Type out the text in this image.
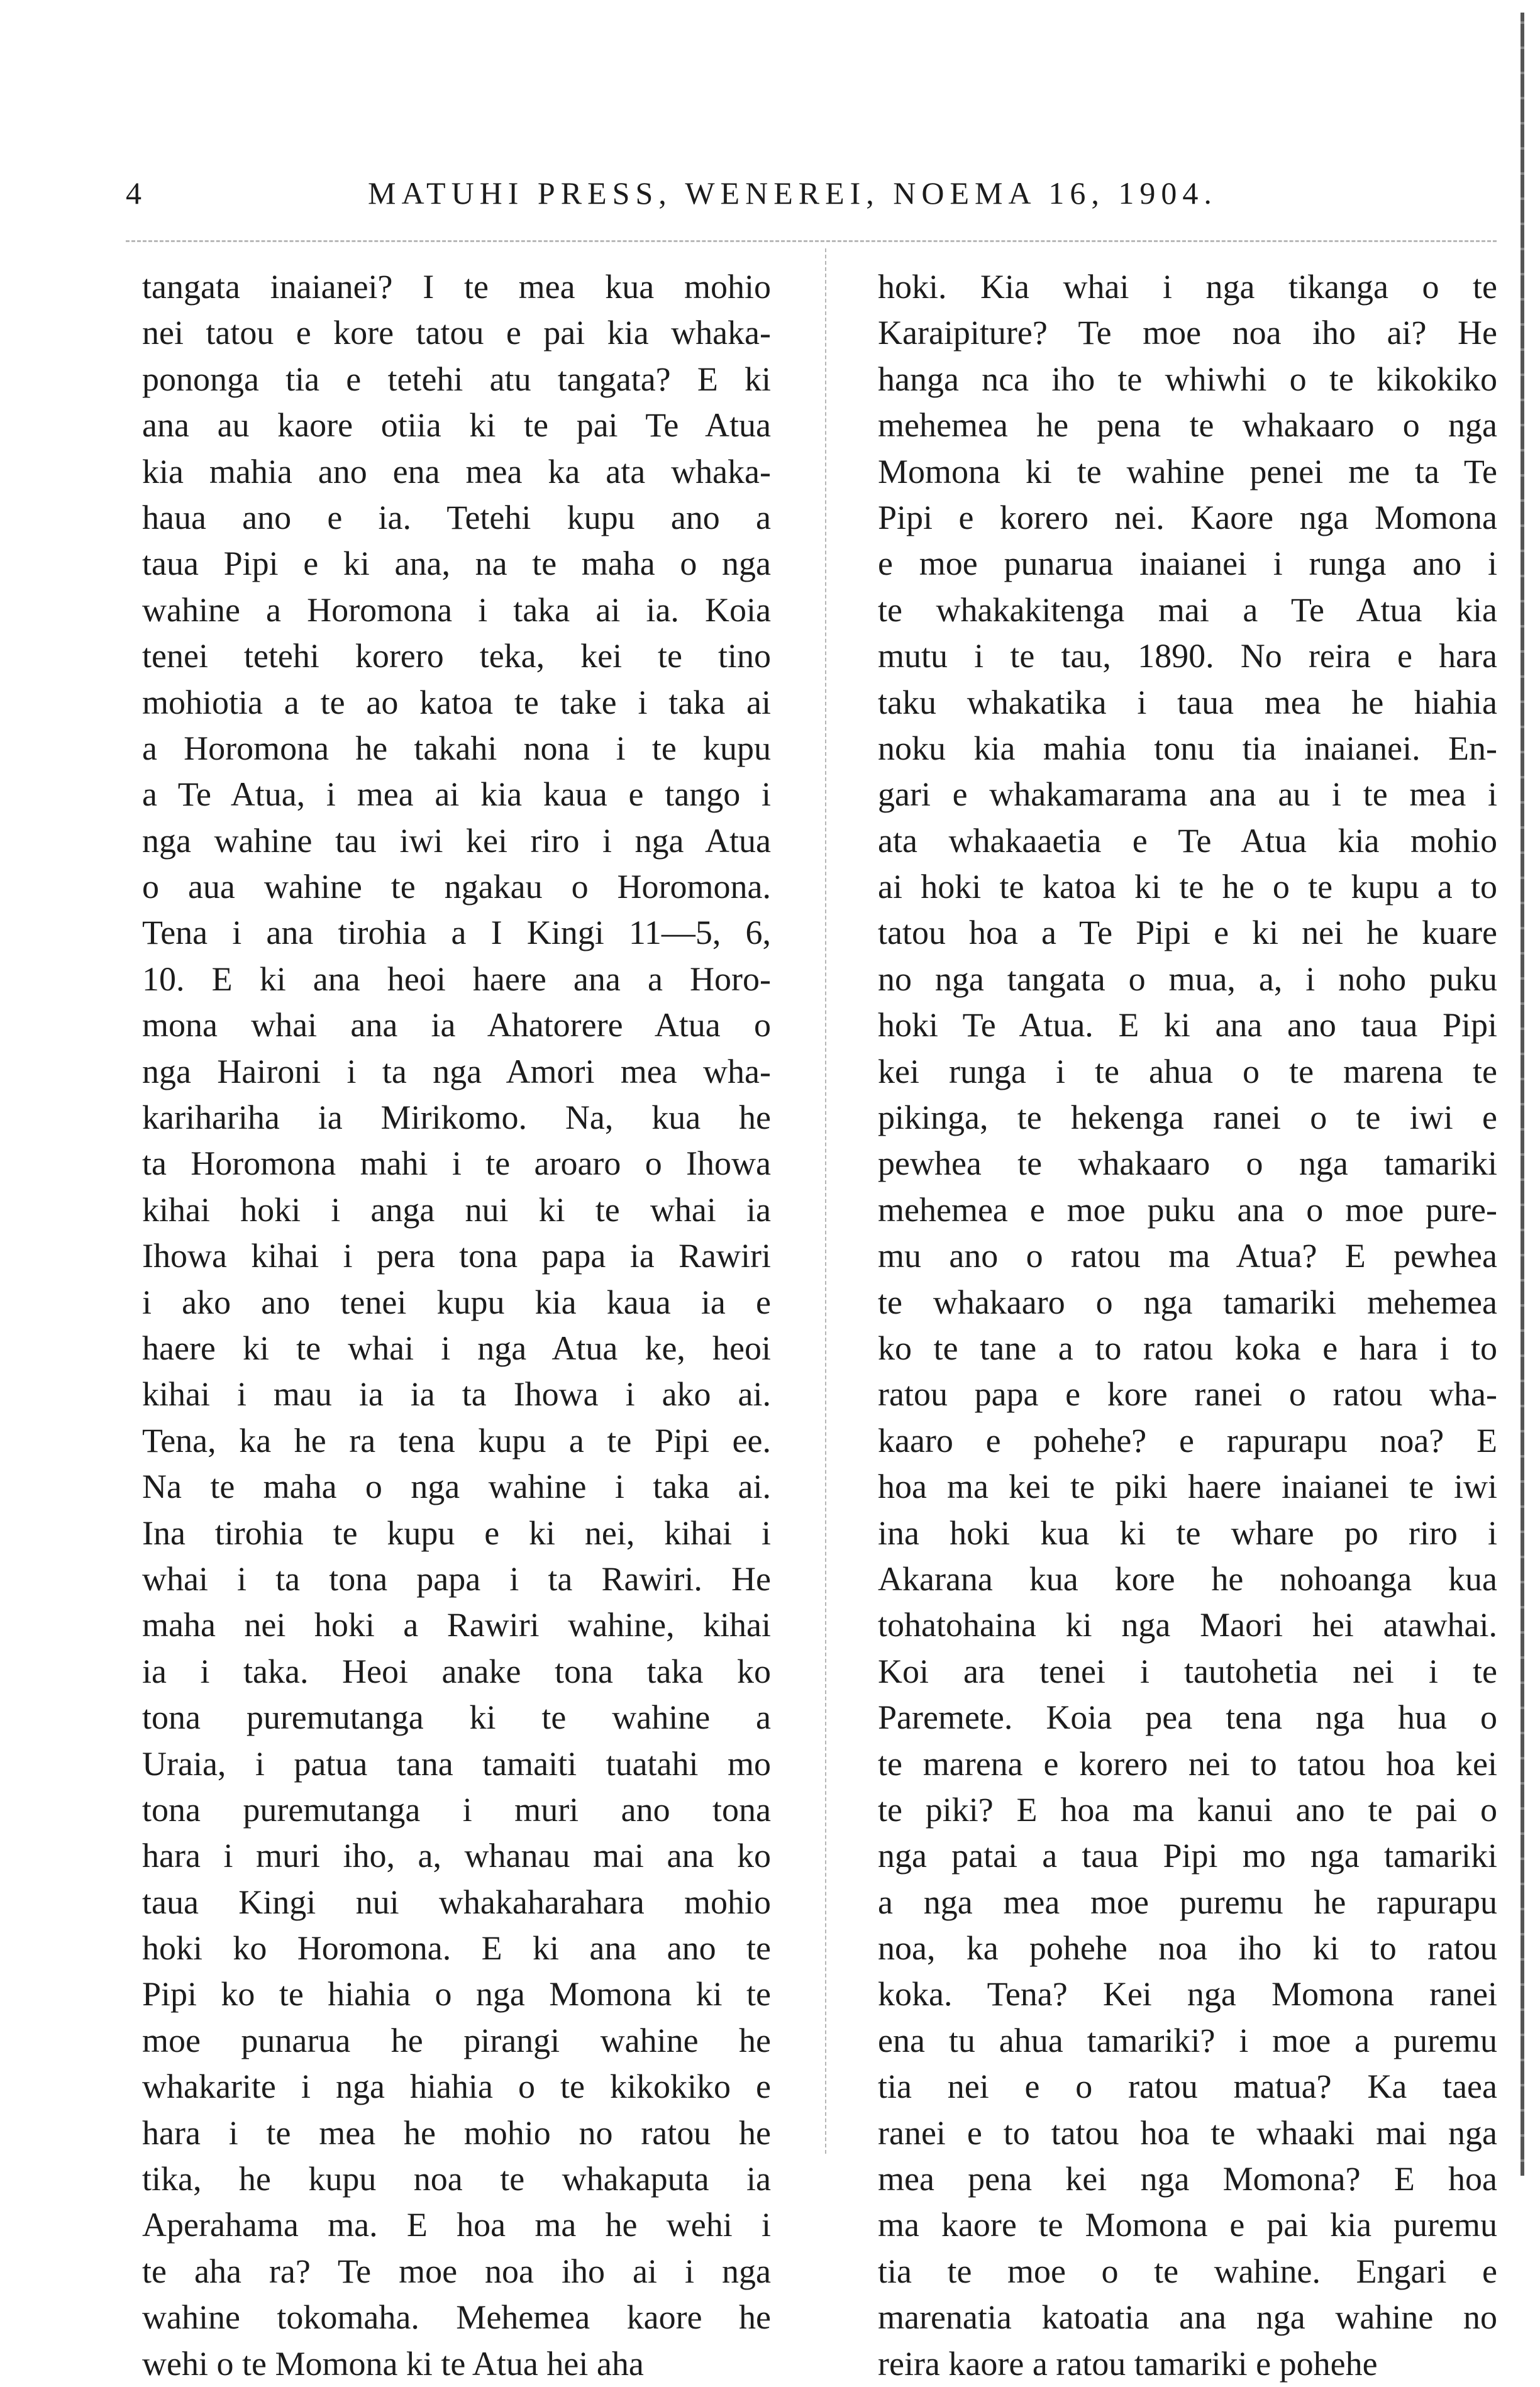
4	MATUHI PRESS, WENEREI, NOEMA 16, 1904.
tangata inaianei? I te mea kua mohio
nei tatou e kore tatou e pai kia whaka-
pononga tia e tetehi atu tangata? E ki
ana au kaore otiia ki te pai Te Atua
kia mahia ano ena mea ka ata whaka-
haua ano e ia. Tetehi kupu ano a
taua Pipi e ki ana, na te maha o nga
wahine a Horomona i taka ai ia. Koia
tenei tetehi korero teka, kei te tino
mohiotia a te ao katoa te take i taka ai
a Horomona he takahi nona i te kupu
a Te Atua, i mea ai kia kaua e tango i
nga wahine tau iwi kei riro i nga Atua
o aua wahine te ngakau o Horomona.
Tena i ana tirohia a I Kingi 11—5, 6,
10. E ki ana heoi haere ana a Horo-
mona whai ana ia Ahatorere Atua o
nga Haironi i ta nga Amori mea wha-
kariharihа ia Mirikomo. Na, kua he
ta Horomona mahi i te aroaro o Ihowa
kihai hoki i anga nui ki te whai ia
Ihowa kihai i pera tona papa ia Rawiri
i ako ano tenei kupu kia kaua ia e
haere ki te whai i nga Atua ke, heoi
kihai i mau ia ia ta Ihowa i ako ai.
Tena, ka he ra tena kupu a te Pipi ee.
Na te maha o nga wahine i taka ai.
Ina tirohia te kupu e ki nei, kihai i
whai i ta tona papa i ta Rawiri. He
maha nei hoki a Rawiri wahine, kihai
ia i taka. Heoi anake tona taka ko
tona puremutanga ki te wahine a
Uraia, i patua tana tamaiti tuatahi mo
tona puremutanga i muri ano tona
hara i muri iho, a, whanau mai ana ko
taua Kingi nui whakaharahara mohio
hoki ko Horomona. E ki ana ano te
Pipi ko te hiahia o nga Momona ki te
moe punarua he pirangi wahine he
whakarite i nga hiahia o te kikokiko e
hara i te mea he mohio no ratou he
tika, he kupu noa te whakaputa ia
Aperahama ma. E hoa ma he wehi i
te aha ra? Te moe noa iho ai i nga
wahine tokomaha. Mehemea kaore he
wehi o te Momona ki te Atua hei aha
hoki. Kia whai i nga tikanga o te
Karaipiture? Te moe noa iho ai? He
hanga nca iho te whiwhi o te kikokiko
mehemea he pena te whakaaro o nga
Momona ki te wahine penei me ta Te
Pipi e korero nei. Kaore nga Momona
e moe punarua inaianei i runga ano i
te whakakitenga mai a Te Atua kia
mutu i te tau, 1890. No reira e hara
taku whakatika i taua mea he hiahia
noku kia mahia tonu tia inaianei. En-
gari e whakamarama ana au i te mea i
ata whakaaetia e Te Atua kia mohio
ai hoki te katoa ki te he o te kupu a to
tatou hoa a Te Pipi e ki nei he kuare
no nga tangata o mua, a, i noho puku
hoki Te Atua. E ki ana ano taua Pipi
kei runga i te ahua o te marena te
pikinga, te hekenga ranei o te iwi e
pewhea te whakaaro o nga tamariki
mehemea e moe puku ana o moe pure-
mu ano o ratou ma Atua? E pewhea
te whakaaro o nga tamariki mehemea
ko te tane a to ratou koka e hara i to
ratou papa e kore ranei o ratou wha-
kaaro e pohehe? e rapurapu noa? E
hoa ma kei te piki haere inaianei te iwi
ina hoki kua ki te whare po riro i
Akarana kua kore he nohoanga kua
tohatohaina ki nga Maori hei atawhai.
Koi ara tenei i tautohetia nei i te
Paremete. Koia pea tena nga hua o
te marena e korero nei to tatou hoa kei
te piki? E hoa ma kanui ano te pai o
nga patai a taua Pipi mo nga tamariki
a nga mea moe puremu he rapurapu
noa, ka pohehe noa iho ki to ratou
koka. Tena? Kei nga Momona ranei
ena tu ahua tamariki? i moe a puremu
tia nei e o ratou matua? Ka taea
ranei e to tatou hoa te whaaki mai nga
mea pena kei nga Momona? E hoa
ma kaore te Momona e pai kia puremu
tia te moe o te wahine. Engari e
marenatia katoatia ana nga wahine no
reira kaore a ratou tamariki e pohehe
